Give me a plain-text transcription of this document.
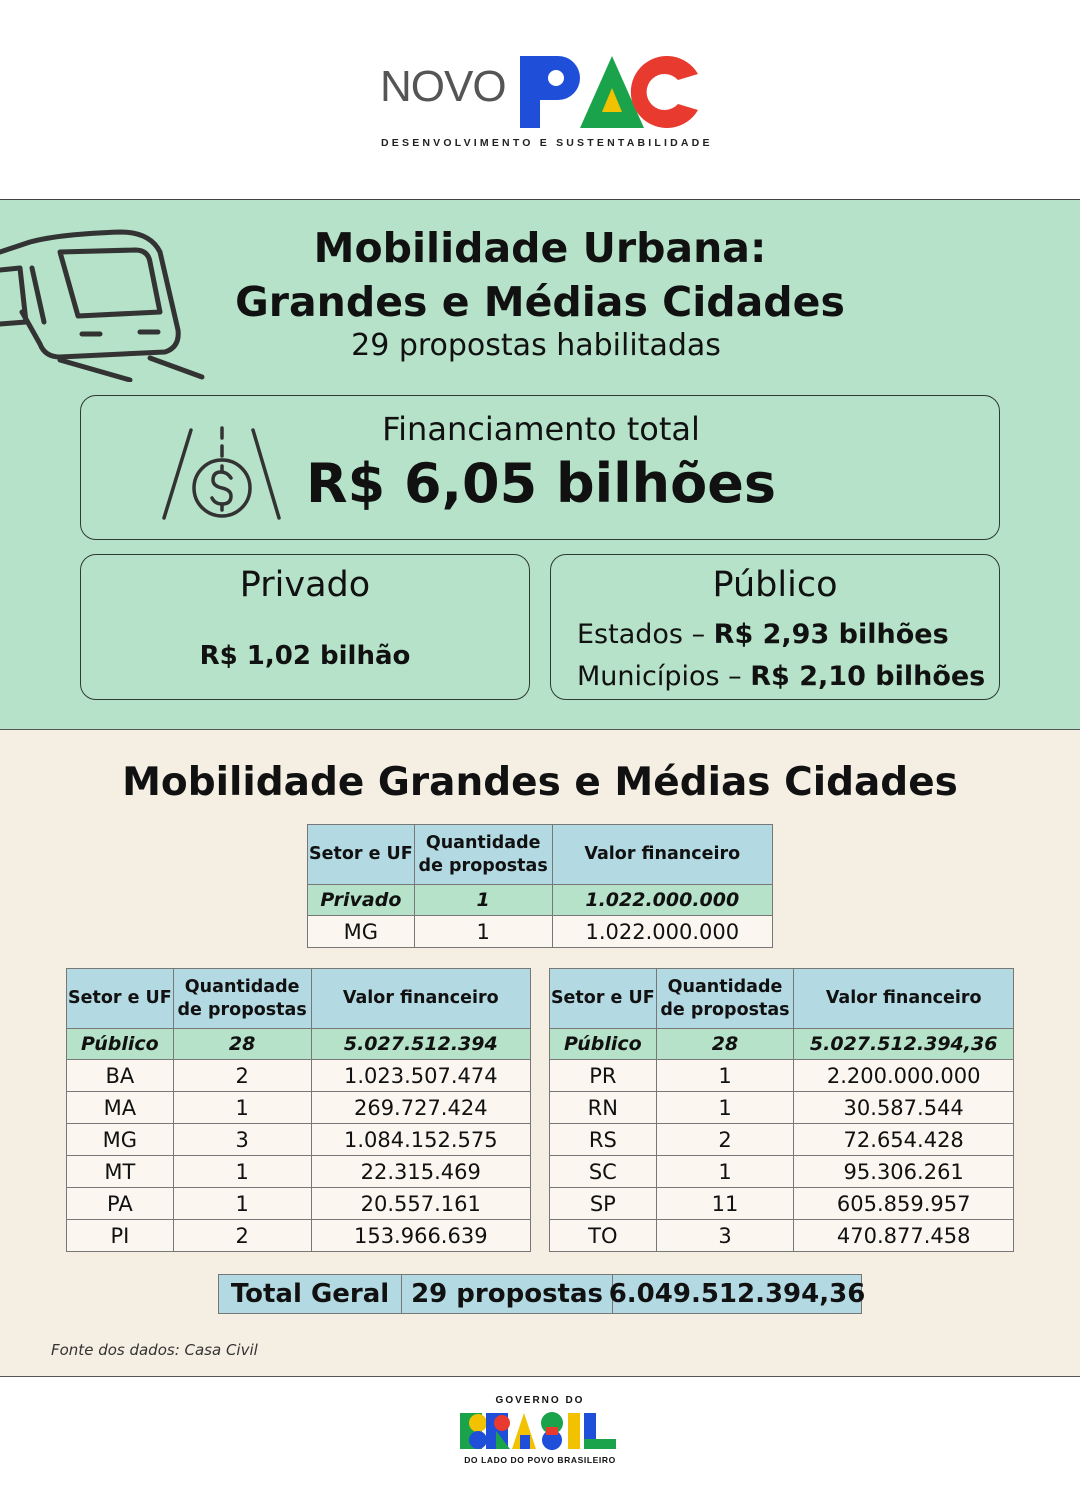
NOVO
DESENVOLVIMENTO E SUSTENTABILIDADE
Mobilidade Urbana:
Grandes e Médias Cidades
29 propostas habilitadas
Financiamento total
R$ 6,05 bilhões
Privado
R$ 1,02 bilhão
Público
Estados – R$ 2,93 bilhões
Municípios – R$ 2,10 bilhões
Mobilidade Grandes e Médias Cidades
Setor e UF	Quantidade de propostas	Valor financeiro
Privado	1	1.022.000.000
MG	1	1.022.000.000
Setor e UF	Quantidade de propostas	Valor financeiro
Público	28	5.027.512.394
BA	2	1.023.507.474
MA	1	269.727.424
MG	3	1.084.152.575
MT	1	22.315.469
PA	1	20.557.161
PI	2	153.966.639
Setor e UF	Quantidade de propostas	Valor financeiro
Público	28	5.027.512.394,36
PR	1	2.200.000.000
RN	1	30.587.544
RS	2	72.654.428
SC	1	95.306.261
SP	11	605.859.957
TO	3	470.877.458
Total Geral 29 propostas 6.049.512.394,36
Fonte dos dados: Casa Civil
GOVERNO DO
DO LADO DO POVO BRASILEIRO
